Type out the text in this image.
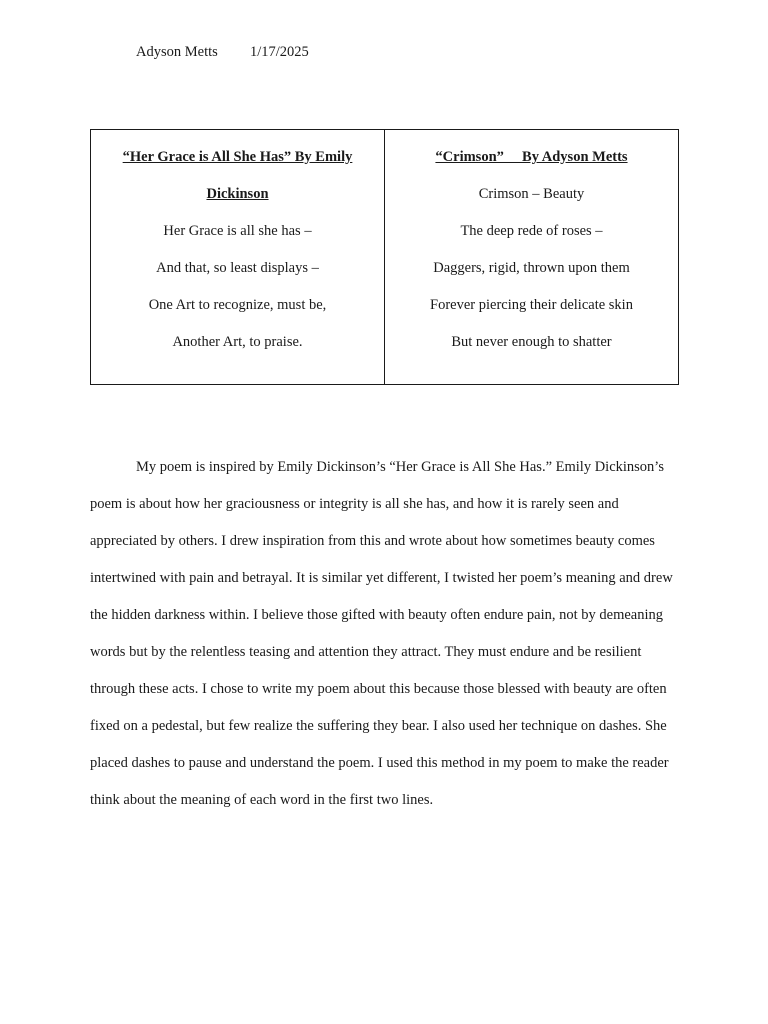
Adyson Metts	1/17/2025
“Her Grace is All She Has” By Emily
Dickinson
Her Grace is all she has –
And that, so least displays –
One Art to recognize, must be,
Another Art, to praise.
“Crimson”     By Adyson Metts
Crimson – Beauty
The deep rede of roses –
Daggers, rigid, thrown upon them
Forever piercing their delicate skin
But never enough to shatter

My poem is inspired by Emily Dickinson’s “Her Grace is All She Has.” Emily Dickinson’s poem is about how her graciousness or integrity is all she has, and how it is rarely seen and appreciated by others. I drew inspiration from this and wrote about how sometimes beauty comes intertwined with pain and betrayal. It is similar yet different, I twisted her poem’s meaning and drew the hidden darkness within. I believe those gifted with beauty often endure pain, not by demeaning words but by the relentless teasing and attention they attract. They must endure and be resilient through these acts. I chose to write my poem about this because those blessed with beauty are often fixed on a pedestal, but few realize the suffering they bear. I also used her technique on dashes. She placed dashes to pause and understand the poem. I used this method in my poem to make the reader think about the meaning of each word in the first two lines.
